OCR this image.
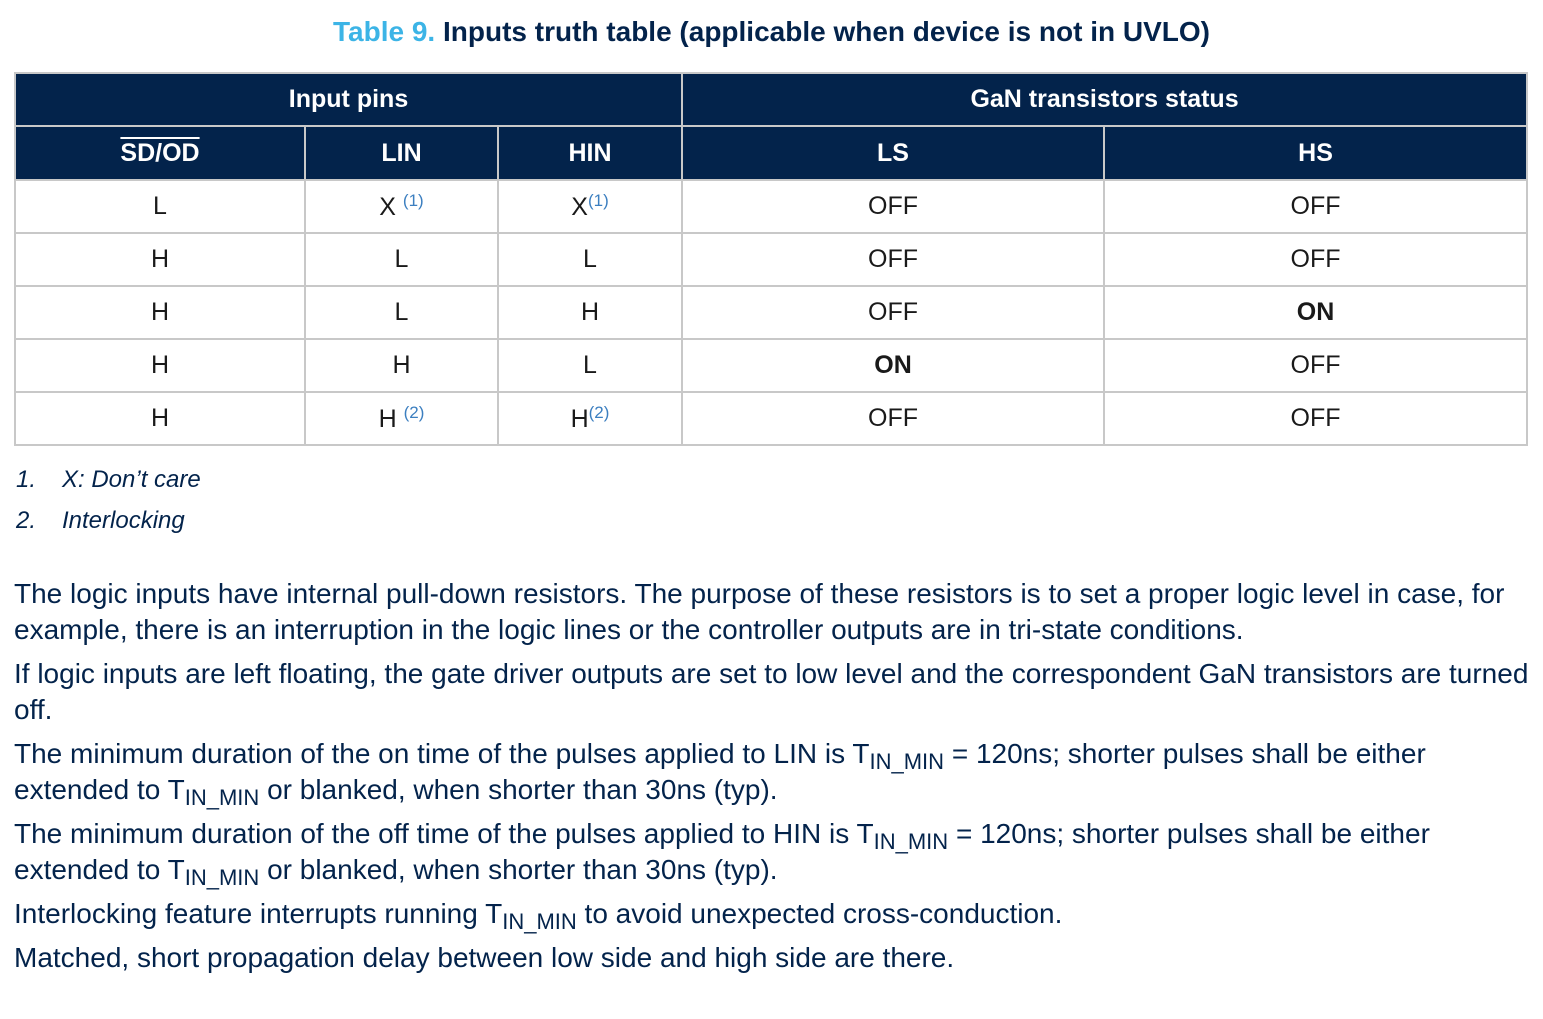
Table 9. Inputs truth table (applicable when device is not in UVLO)
Input pins			GaN transistors status	
SD/OD	LIN	HIN	LS	HS
L	X $^{(1)}$	X$^{(1)}$	OFF	OFF
H	L	L	OFF	OFF
H	L	H	OFF	ON
H	H	L	ON	OFF
H	H $^{(2)}$	H$^{(2)}$	OFF	OFF
1. X: Don’t care
2. Interlocking

The logic inputs have internal pull-down resistors. The purpose of these resistors is to set a proper logic level in case, for example, there is an interruption in the logic lines or the controller outputs are in tri-state conditions.

If logic inputs are left floating, the gate driver outputs are set to low level and the correspondent GaN transistors are turned off.

The minimum duration of the on time of the pulses applied to LIN is $T_{IN\_MIN} = 120ns$; shorter pulses shall be either extended to $T_{IN\_MIN}$ or blanked, when shorter than 30ns (typ).

The minimum duration of the off time of the pulses applied to HIN is $T_{IN\_MIN} = 120ns$; shorter pulses shall be either extended to $T_{IN\_MIN}$ or blanked, when shorter than 30ns (typ).

Interlocking feature interrupts running $T_{IN\_MIN}$ to avoid unexpected cross-conduction.

Matched, short propagation delay between low side and high side are there.
